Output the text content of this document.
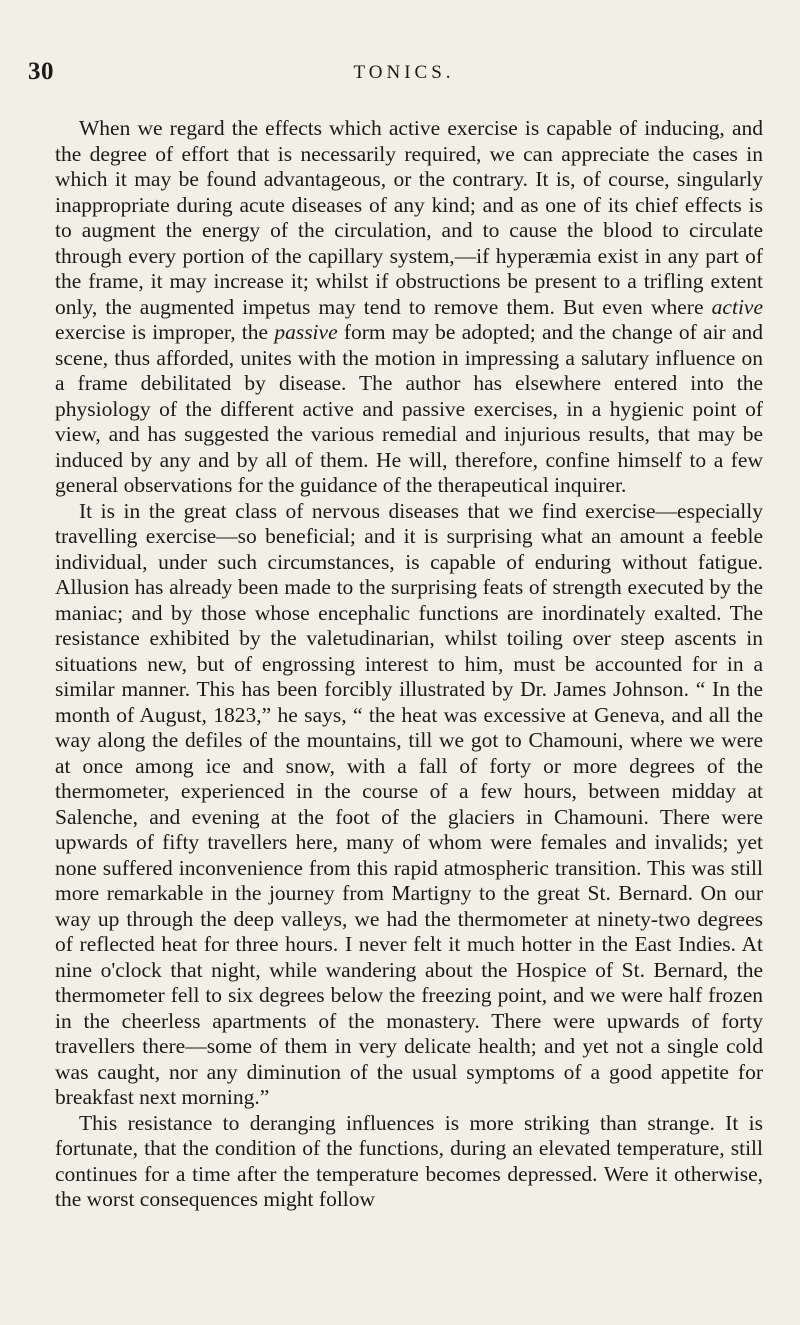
30	TONICS.

When we regard the effects which active exercise is capable of inducing, and the degree of effort that is necessarily required, we can appreciate the cases in which it may be found advantageous, or the contrary. It is, of course, singularly inappropriate during acute diseases of any kind; and as one of its chief effects is to augment the energy of the circulation, and to cause the blood to circulate through every portion of the capillary system,—if hyperæmia exist in any part of the frame, it may increase it; whilst if obstructions be present to a trifling extent only, the augmented impetus may tend to remove them. But even where active exercise is improper, the passive form may be adopted; and the change of air and scene, thus afforded, unites with the motion in impressing a salutary influence on a frame debilitated by disease. The author has elsewhere entered into the physiology of the different active and passive exercises, in a hygienic point of view, and has suggested the various remedial and injurious results, that may be induced by any and by all of them. He will, therefore, confine himself to a few general observations for the guidance of the therapeutical inquirer.

It is in the great class of nervous diseases that we find exercise—especially travelling exercise—so beneficial; and it is surprising what an amount a feeble individual, under such circumstances, is capable of enduring without fatigue. Allusion has already been made to the surprising feats of strength executed by the maniac; and by those whose encephalic functions are inordinately exalted. The resistance exhibited by the valetudinarian, whilst toiling over steep ascents in situations new, but of engrossing interest to him, must be accounted for in a similar manner. This has been forcibly illustrated by Dr. James Johnson. “ In the month of August, 1823,” he says, “ the heat was excessive at Geneva, and all the way along the defiles of the mountains, till we got to Chamouni, where we were at once among ice and snow, with a fall of forty or more degrees of the thermometer, experienced in the course of a few hours, between midday at Salenche, and evening at the foot of the glaciers in Chamouni. There were upwards of fifty travellers here, many of whom were females and invalids; yet none suffered inconvenience from this rapid atmospheric transition. This was still more remarkable in the journey from Martigny to the great St. Bernard. On our way up through the deep valleys, we had the thermometer at ninety-two degrees of reflected heat for three hours. I never felt it much hotter in the East Indies. At nine o'clock that night, while wandering about the Hospice of St. Bernard, the thermometer fell to six degrees below the freezing point, and we were half frozen in the cheerless apartments of the monastery. There were upwards of forty travellers there—some of them in very delicate health; and yet not a single cold was caught, nor any diminution of the usual symptoms of a good appetite for breakfast next morning.”

This resistance to deranging influences is more striking than strange. It is fortunate, that the condition of the functions, during an elevated temperature, still continues for a time after the temperature becomes depressed. Were it otherwise, the worst consequences might follow
